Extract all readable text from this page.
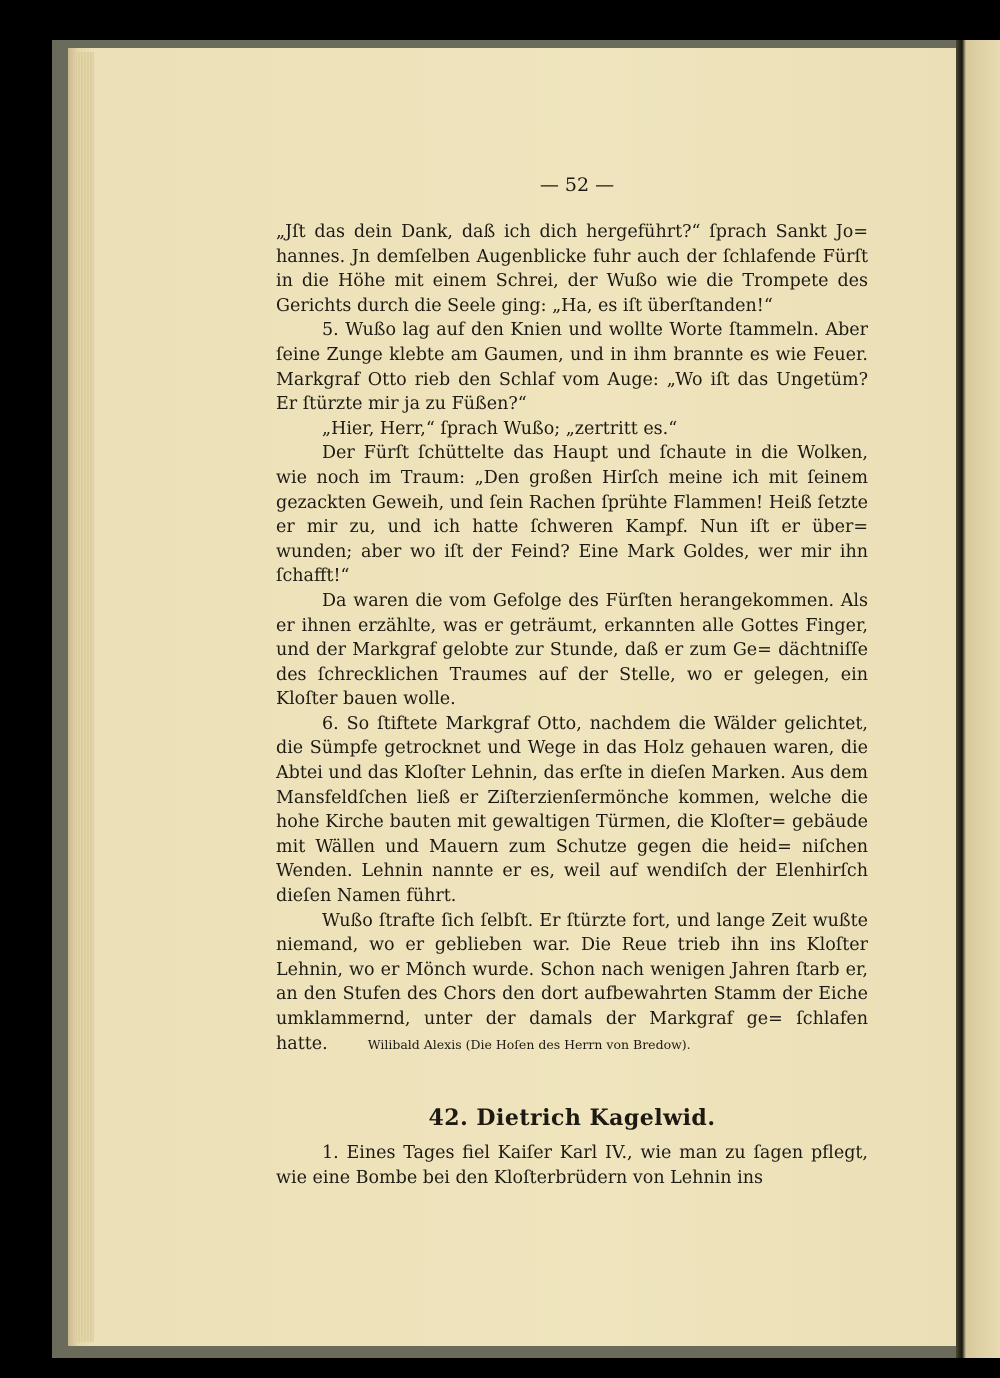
— 52 —

„Jſt das dein Dank, daß ich dich hergeführt?“ ſprach Sankt Jo= hannes. Jn demſelben Augenblicke fuhr auch der ſchlafende Fürſt in die Höhe mit einem Schrei, der Wußo wie die Trompete des Gerichts durch die Seele ging: „Ha, es iſt überſtanden!“

5. Wußo lag auf den Knien und wollte Worte ſtammeln. Aber ſeine Zunge klebte am Gaumen, und in ihm brannte es wie Feuer. Markgraf Otto rieb den Schlaf vom Auge: „Wo iſt das Ungetüm? Er ſtürzte mir ja zu Füßen?“

„Hier, Herr,“ ſprach Wußo; „zertritt es.“

Der Fürſt ſchüttelte das Haupt und ſchaute in die Wolken, wie noch im Traum: „Den großen Hirſch meine ich mit ſeinem gezackten Geweih, und ſein Rachen ſprühte Flammen! Heiß ſetzte er mir zu, und ich hatte ſchweren Kampf. Nun iſt er über= wunden; aber wo iſt der Feind? Eine Mark Goldes, wer mir ihn ſchafft!“

Da waren die vom Gefolge des Fürſten herangekommen. Als er ihnen erzählte, was er geträumt, erkannten alle Gottes Finger, und der Markgraf gelobte zur Stunde, daß er zum Ge= dächtniſſe des ſchrecklichen Traumes auf der Stelle, wo er gelegen, ein Kloſter bauen wolle.

6. So ſtiftete Markgraf Otto, nachdem die Wälder gelichtet, die Sümpfe getrocknet und Wege in das Holz gehauen waren, die Abtei und das Kloſter Lehnin, das erſte in dieſen Marken. Aus dem Mansfeldſchen ließ er Ziſterzienſermönche kommen, welche die hohe Kirche bauten mit gewaltigen Türmen, die Kloſter= gebäude mit Wällen und Mauern zum Schutze gegen die heid= niſchen Wenden. Lehnin nannte er es, weil auf wendiſch der Elenhirſch dieſen Namen führt.

Wußo ſtrafte ſich ſelbſt. Er ſtürzte fort, und lange Zeit wußte niemand, wo er geblieben war. Die Reue trieb ihn ins Kloſter Lehnin, wo er Mönch wurde. Schon nach wenigen Jahren ſtarb er, an den Stufen des Chors den dort aufbewahrten Stamm der Eiche umklammernd, unter der damals der Markgraf ge= ſchlafen hatte.	Wilibald Alexis (Die Hoſen des Herrn von Bredow).

42. Dietrich Kagelwid.

1. Eines Tages fiel Kaiſer Karl IV., wie man zu ſagen pflegt, wie eine Bombe bei den Kloſterbrüdern von Lehnin ins
